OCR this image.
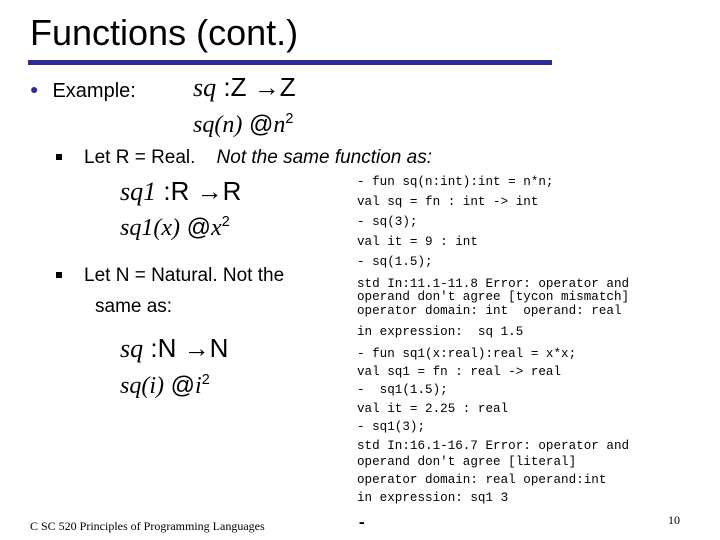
Functions (cont.)
● Example: sq :Z →Z
sq(n) $@n^2$
Let R = Real. Not the same function as:
sq1 :R →R
sq1(x) $@x^2$
Let N = Natural. Not the
same as:
sq :N →N
sq(i) $@i^2$
- fun sq(n:int):int = n*n;
val sq = fn : int -> int
- sq(3);
val it = 9 : int
- sq(1.5);
std In:11.1-11.8 Error: operator and
operand don't agree [tycon mismatch]
operator domain: int  operand: real
in expression:  sq 1.5
- fun sq1(x:real):real = x*x;
val sq1 = fn : real -> real
-  sq1(1.5);
val it = 2.25 : real
- sq1(3);
std In:16.1-16.7 Error: operator and
operand don't agree [literal]
operator domain: real operand:int
in expression: sq1 3
-
C SC 520 Principles of Programming Languages	10
